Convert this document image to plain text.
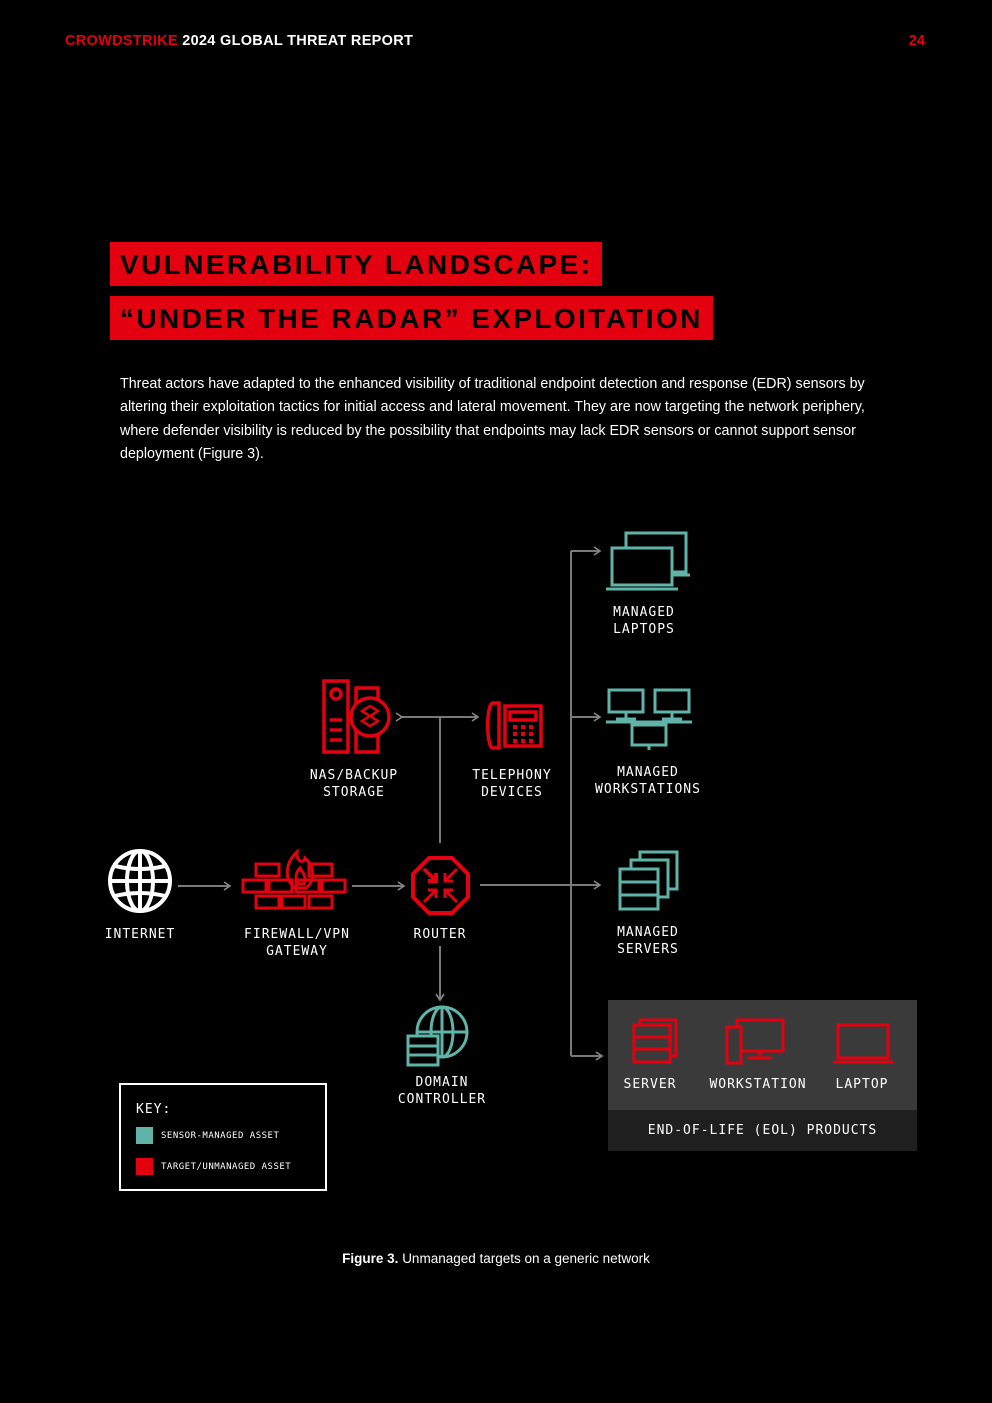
CROWDSTRIKE 2024 GLOBAL THREAT REPORT	24
VULNERABILITY LANDSCAPE:
“UNDER THE RADAR” EXPLOITATION

Threat actors have adapted to the enhanced visibility of traditional endpoint detection and response (EDR) sensors by altering their exploitation tactics for initial access and lateral movement. They are now targeting the network periphery, where defender visibility is reduced by the possibility that endpoints may lack EDR sensors or cannot support sensor deployment (Figure 3).

END-OF-LIFE (EOL) PRODUCTS
INTERNET	FIREWALL/VPN
GATEWAY
ROUTER
NAS/BACKUP
STORAGE
TELEPHONY
DEVICES
DOMAIN
CONTROLLER
MANAGED
LAPTOPS
MANAGED
WORKSTATIONS
MANAGED
SERVERS
SERVER	WORKSTATION LAPTOP
KEY:
SENSOR-MANAGED ASSET
TARGET/UNMANAGED ASSET
Figure 3. Unmanaged targets on a generic network
